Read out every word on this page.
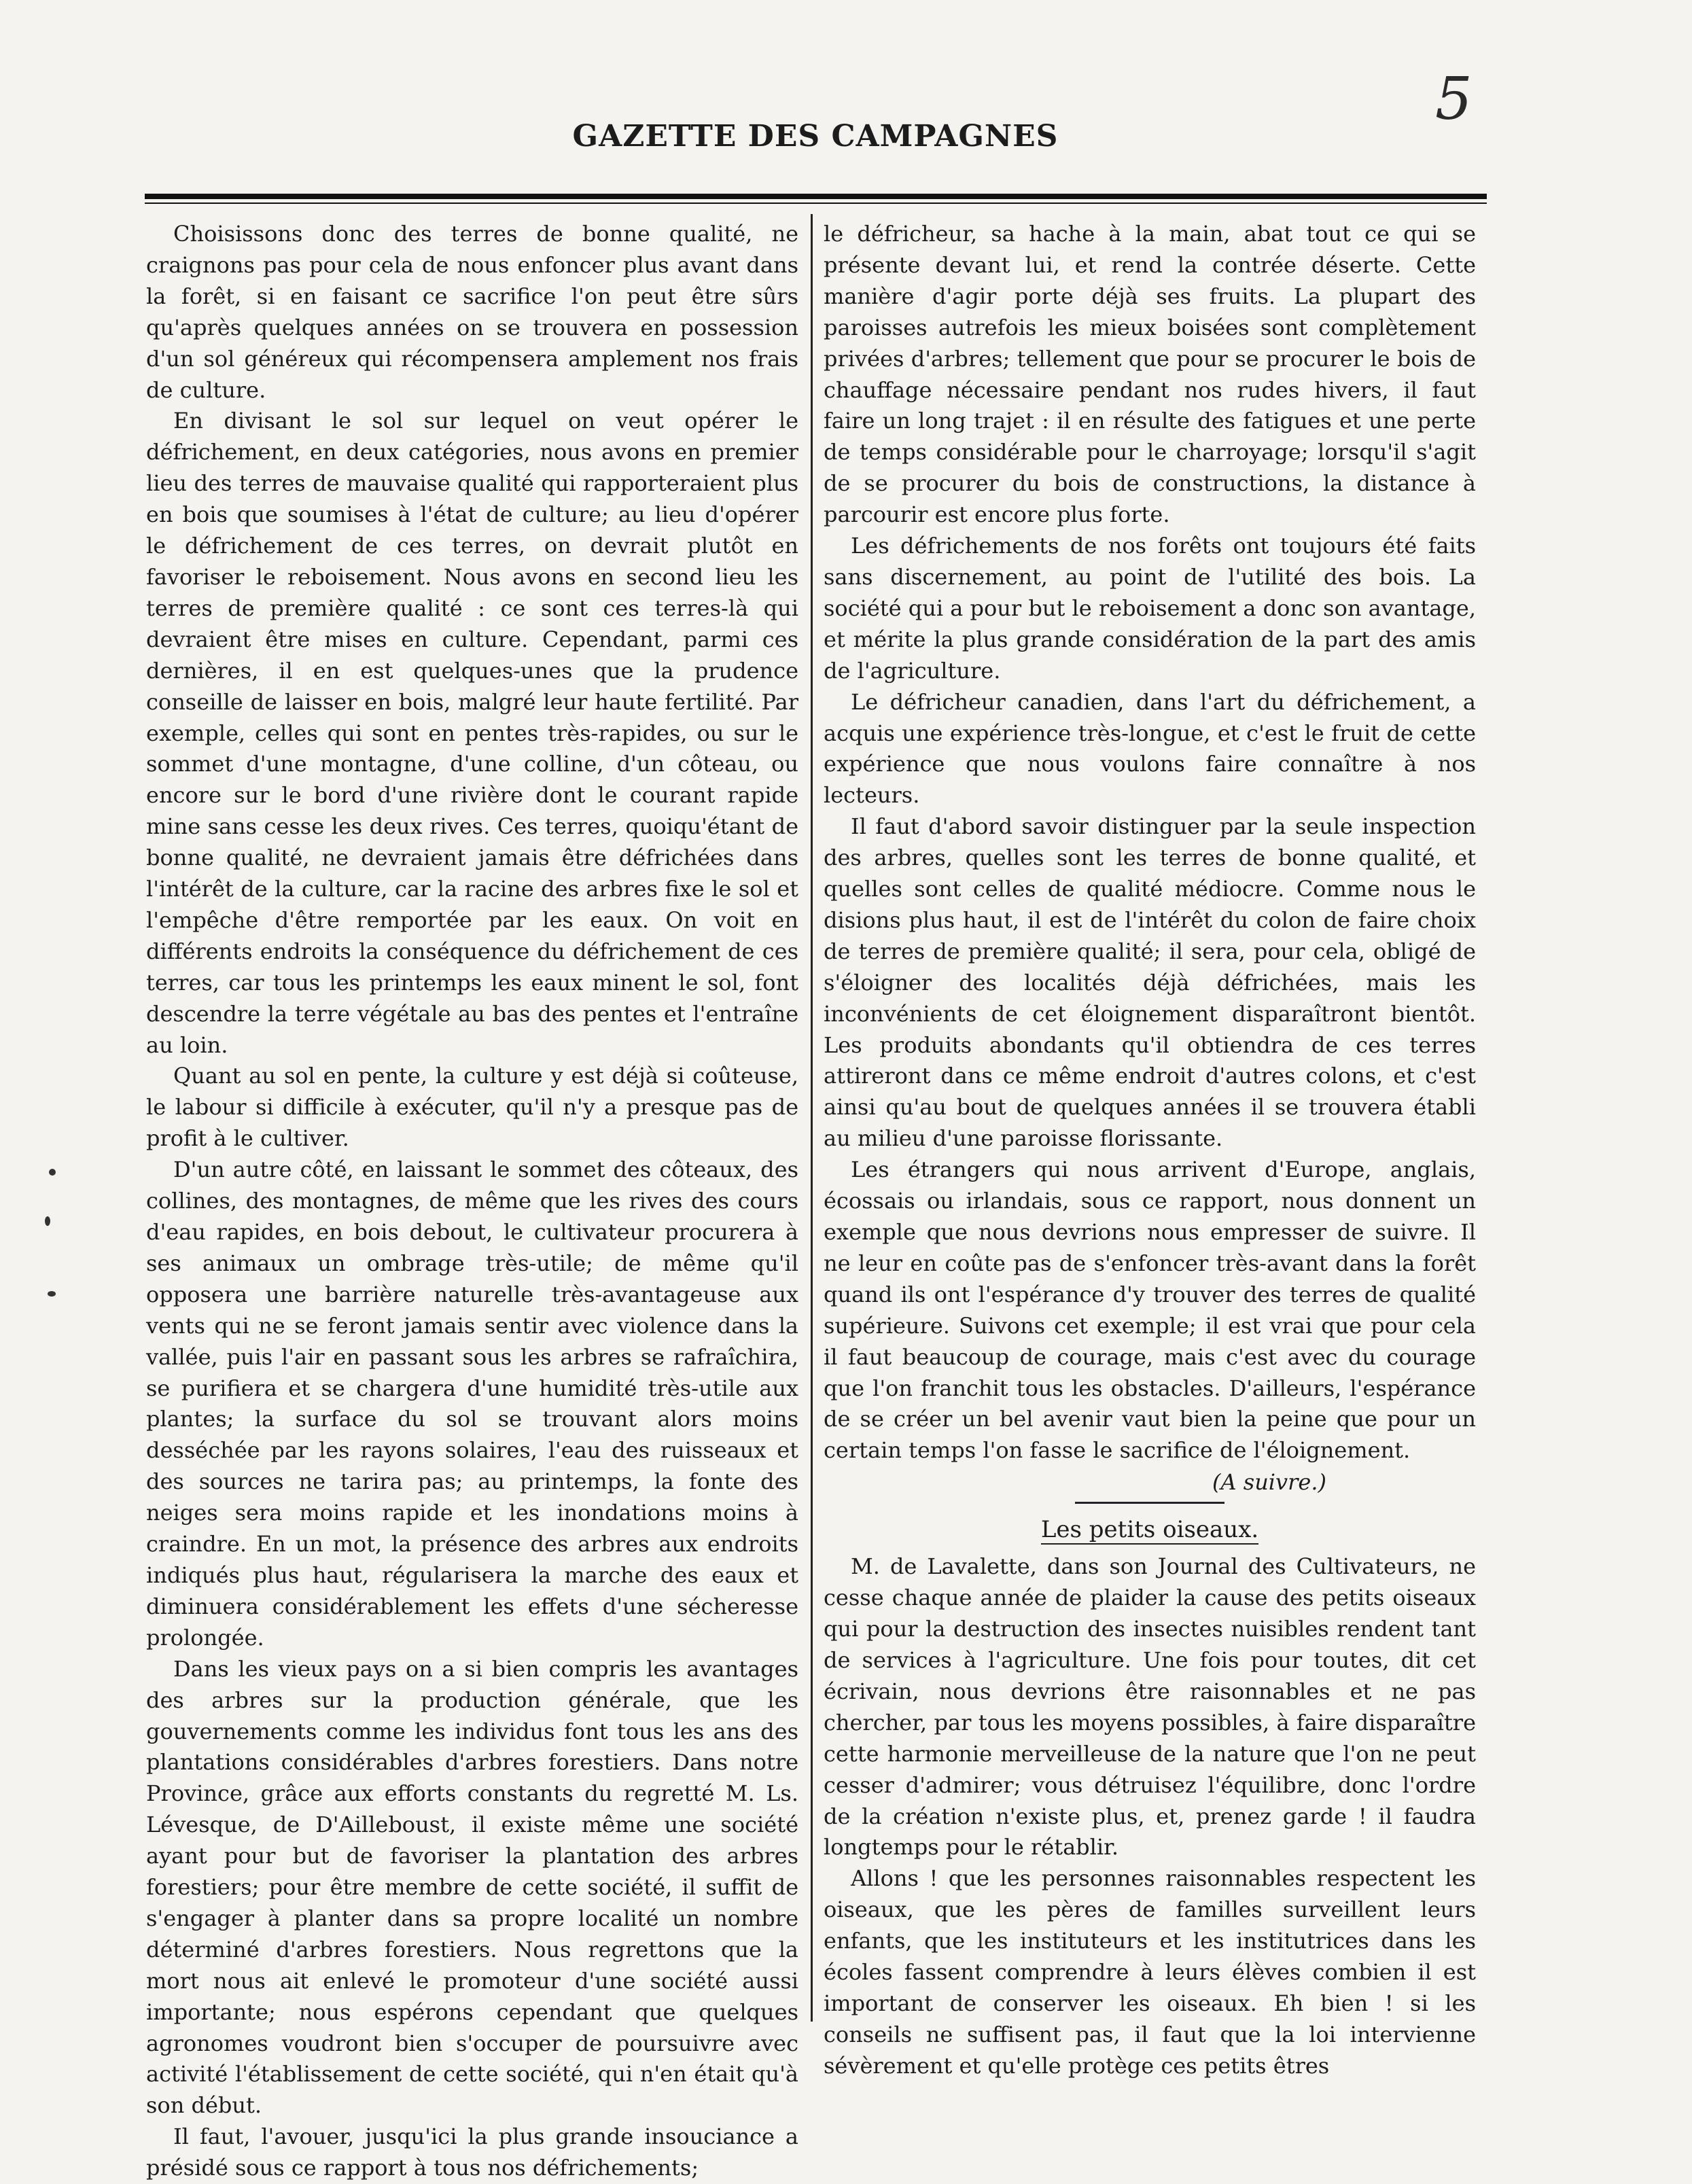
5
GAZETTE DES CAMPAGNES

Choisissons donc des terres de bonne qualité, ne craignons pas pour cela de nous enfoncer plus avant dans la forêt, si en faisant ce sacrifice l'on peut être sûrs qu'après quelques années on se trouvera en possession d'un sol généreux qui récompensera amplement nos frais de culture.

En divisant le sol sur lequel on veut opérer le défrichement, en deux catégories, nous avons en premier lieu des terres de mauvaise qualité qui rapporteraient plus en bois que soumises à l'état de culture; au lieu d'opérer le défrichement de ces terres, on devrait plutôt en favoriser le reboisement. Nous avons en second lieu les terres de première qualité : ce sont ces terres-là qui devraient être mises en culture. Cependant, parmi ces dernières, il en est quelques-unes que la prudence conseille de laisser en bois, malgré leur haute fertilité. Par exemple, celles qui sont en pentes très-rapides, ou sur le sommet d'une montagne, d'une colline, d'un côteau, ou encore sur le bord d'une rivière dont le courant rapide mine sans cesse les deux rives. Ces terres, quoiqu'étant de bonne qualité, ne devraient jamais être défrichées dans l'intérêt de la culture, car la racine des arbres fixe le sol et l'empêche d'être remportée par les eaux. On voit en différents endroits la conséquence du défrichement de ces terres, car tous les printemps les eaux minent le sol, font descendre la terre végétale au bas des pentes et l'entraîne au loin.

Quant au sol en pente, la culture y est déjà si coûteuse, le labour si difficile à exécuter, qu'il n'y a presque pas de profit à le cultiver.

D'un autre côté, en laissant le sommet des côteaux, des collines, des montagnes, de même que les rives des cours d'eau rapides, en bois debout, le cultivateur procurera à ses animaux un ombrage très-utile; de même qu'il opposera une barrière naturelle très-avantageuse aux vents qui ne se feront jamais sentir avec violence dans la vallée, puis l'air en passant sous les arbres se rafraîchira, se purifiera et se chargera d'une humidité très-utile aux plantes; la surface du sol se trouvant alors moins desséchée par les rayons solaires, l'eau des ruisseaux et des sources ne tarira pas; au printemps, la fonte des neiges sera moins rapide et les inondations moins à craindre. En un mot, la présence des arbres aux endroits indiqués plus haut, régularisera la marche des eaux et diminuera considérablement les effets d'une sécheresse prolongée.

Dans les vieux pays on a si bien compris les avantages des arbres sur la production générale, que les gouvernements comme les individus font tous les ans des plantations considérables d'arbres forestiers. Dans notre Province, grâce aux efforts constants du regretté M. Ls. Lévesque, de D'Ailleboust, il existe même une société ayant pour but de favoriser la plantation des arbres forestiers; pour être membre de cette société, il suffit de s'engager à planter dans sa propre localité un nombre déterminé d'arbres forestiers. Nous regrettons que la mort nous ait enlevé le promoteur d'une société aussi importante; nous espérons cependant que quelques agronomes voudront bien s'occuper de poursuivre avec activité l'établissement de cette société, qui n'en était qu'à son début.

Il faut, l'avouer, jusqu'ici la plus grande insouciance a présidé sous ce rapport à tous nos défrichements;

le défricheur, sa hache à la main, abat tout ce qui se présente devant lui, et rend la contrée déserte. Cette manière d'agir porte déjà ses fruits. La plupart des paroisses autrefois les mieux boisées sont complètement privées d'arbres; tellement que pour se procurer le bois de chauffage nécessaire pendant nos rudes hivers, il faut faire un long trajet : il en résulte des fatigues et une perte de temps considérable pour le charroyage; lorsqu'il s'agit de se procurer du bois de constructions, la distance à parcourir est encore plus forte.

Les défrichements de nos forêts ont toujours été faits sans discernement, au point de l'utilité des bois. La société qui a pour but le reboisement a donc son avantage, et mérite la plus grande considération de la part des amis de l'agriculture.

Le défricheur canadien, dans l'art du défrichement, a acquis une expérience très-longue, et c'est le fruit de cette expérience que nous voulons faire connaître à nos lecteurs.

Il faut d'abord savoir distinguer par la seule inspection des arbres, quelles sont les terres de bonne qualité, et quelles sont celles de qualité médiocre. Comme nous le disions plus haut, il est de l'intérêt du colon de faire choix de terres de première qualité; il sera, pour cela, obligé de s'éloigner des localités déjà défrichées, mais les inconvénients de cet éloignement disparaîtront bientôt. Les produits abondants qu'il obtiendra de ces terres attireront dans ce même endroit d'autres colons, et c'est ainsi qu'au bout de quelques années il se trouvera établi au milieu d'une paroisse florissante.

Les étrangers qui nous arrivent d'Europe, anglais, écossais ou irlandais, sous ce rapport, nous donnent un exemple que nous devrions nous empresser de suivre. Il ne leur en coûte pas de s'enfoncer très-avant dans la forêt quand ils ont l'espérance d'y trouver des terres de qualité supérieure. Suivons cet exemple; il est vrai que pour cela il faut beaucoup de courage, mais c'est avec du courage que l'on franchit tous les obstacles. D'ailleurs, l'espérance de se créer un bel avenir vaut bien la peine que pour un certain temps l'on fasse le sacrifice de l'éloignement.

(A suivre.)
Les petits oiseaux.

M. de Lavalette, dans son Journal des Cultivateurs, ne cesse chaque année de plaider la cause des petits oiseaux qui pour la destruction des insectes nuisibles rendent tant de services à l'agriculture. Une fois pour toutes, dit cet écrivain, nous devrions être raisonnables et ne pas chercher, par tous les moyens possibles, à faire disparaître cette harmonie merveilleuse de la nature que l'on ne peut cesser d'admirer; vous détruisez l'équilibre, donc l'ordre de la création n'existe plus, et, prenez garde ! il faudra longtemps pour le rétablir.

Allons ! que les personnes raisonnables respectent les oiseaux, que les pères de familles surveillent leurs enfants, que les instituteurs et les institutrices dans les écoles fassent comprendre à leurs élèves combien il est important de conserver les oiseaux. Eh bien ! si les conseils ne suffisent pas, il faut que la loi intervienne sévèrement et qu'elle protège ces petits êtres
